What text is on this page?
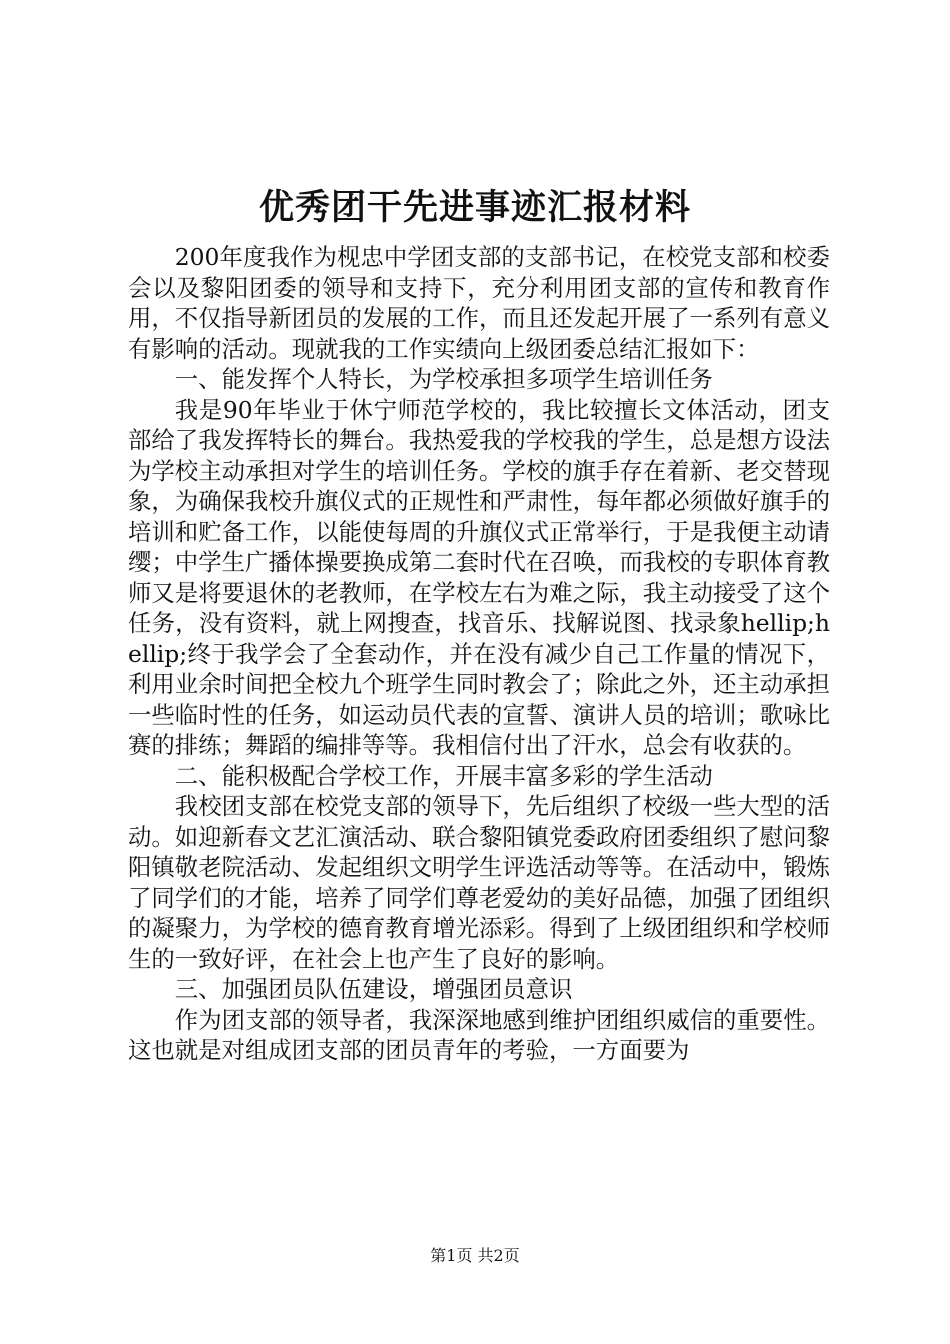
优秀团干先进事迹汇报材料

200年度我作为枧忠中学团支部的支部书记，在校党支部和校委会以及黎阳团委的领导和支持下，充分利用团支部的宣传和教育作用，不仅指导新团员的发展的工作，而且还发起开展了一系列有意义有影响的活动。现就我的工作实绩向上级团委总结汇报如下：

一、能发挥个人特长，为学校承担多项学生培训任务

我是90年毕业于休宁师范学校的，我比较擅长文体活动，团支部给了我发挥特长的舞台。我热爱我的学校我的学生，总是想方设法为学校主动承担对学生的培训任务。学校的旗手存在着新、老交替现象，为确保我校升旗仪式的正规性和严肃性，每年都必须做好旗手的培训和贮备工作，以能使每周的升旗仪式正常举行，于是我便主动请缨；中学生广播体操要换成第二套时代在召唤，而我校的专职体育教师又是将要退休的老教师，在学校左右为难之际，我主动接受了这个任务，没有资料，就上网搜查，找音乐、找解说图、找录象hellip;hellip;终于我学会了全套动作，并在没有减少自己工作量的情况下，利用业余时间把全校九个班学生同时教会了；除此之外，还主动承担一些临时性的任务，如运动员代表的宣誓、演讲人员的培训；歌咏比赛的排练；舞蹈的编排等等。我相信付出了汗水，总会有收获的。

二、能积极配合学校工作，开展丰富多彩的学生活动

我校团支部在校党支部的领导下，先后组织了校级一些大型的活动。如迎新春文艺汇演活动、联合黎阳镇党委政府团委组织了慰问黎阳镇敬老院活动、发起组织文明学生评选活动等等。在活动中，锻炼了同学们的才能，培养了同学们尊老爱幼的美好品德，加强了团组织的凝聚力，为学校的德育教育增光添彩。得到了上级团组织和学校师生的一致好评，在社会上也产生了良好的影响。

三、加强团员队伍建设，增强团员意识

作为团支部的领导者，我深深地感到维护团组织威信的重要性。这也就是对组成团支部的团员青年的考验，一方面要为

第1页 共2页
